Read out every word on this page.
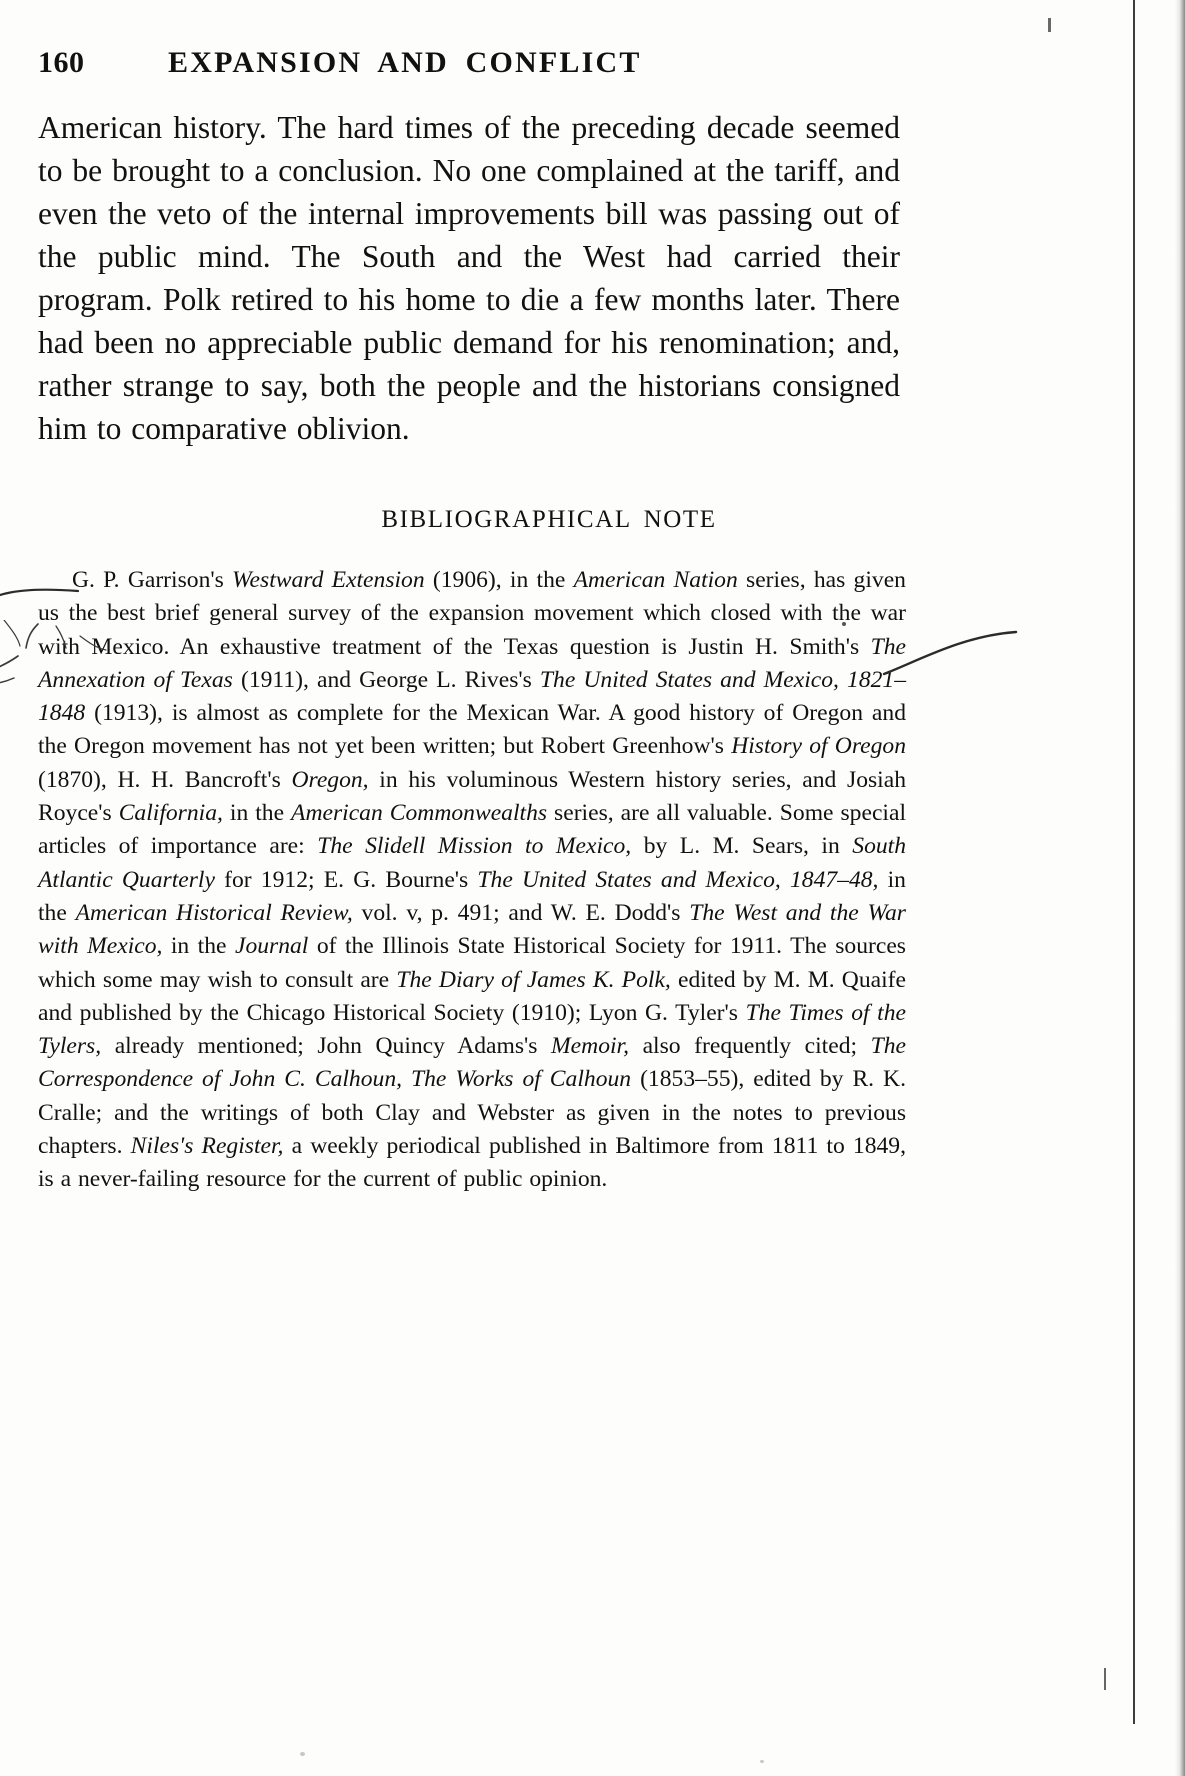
160	EXPANSION AND CONFLICT

American history. The hard times of the preceding decade seemed to be brought to a conclusion. No one complained at the tariff, and even the veto of the internal improvements bill was passing out of the public mind. The South and the West had carried their program. Polk retired to his home to die a few months later. There had been no appreciable public demand for his renomination; and, rather strange to say, both the people and the historians consigned him to comparative oblivion.

BIBLIOGRAPHICAL NOTE

G. P. Garrison's Westward Extension (1906), in the American Nation series, has given us the best brief general survey of the expansion movement which closed with the war with Mexico. An exhaustive treatment of the Texas question is Justin H. Smith's The Annexation of Texas (1911), and George L. Rives's The United States and Mexico, 1821–1848 (1913), is almost as complete for the Mexican War. A good history of Oregon and the Oregon movement has not yet been written; but Robert Greenhow's History of Oregon (1870), H. H. Bancroft's Oregon, in his voluminous Western history series, and Josiah Royce's California, in the American Commonwealths series, are all valuable. Some special articles of importance are: The Slidell Mission to Mexico, by L. M. Sears, in South Atlantic Quarterly for 1912; E. G. Bourne's The United States and Mexico, 1847–48, in the American Historical Review, vol. v, p. 491; and W. E. Dodd's The West and the War with Mexico, in the Journal of the Illinois State Historical Society for 1911. The sources which some may wish to consult are The Diary of James K. Polk, edited by M. M. Quaife and published by the Chicago Historical Society (1910); Lyon G. Tyler's The Times of the Tylers, already mentioned; John Quincy Adams's Memoir, also frequently cited; The Correspondence of John C. Calhoun, The Works of Calhoun (1853–55), edited by R. K. Cralle; and the writings of both Clay and Webster as given in the notes to previous chapters. Niles's Register, a weekly periodical published in Baltimore from 1811 to 1849, is a never-failing resource for the current of public opinion.
